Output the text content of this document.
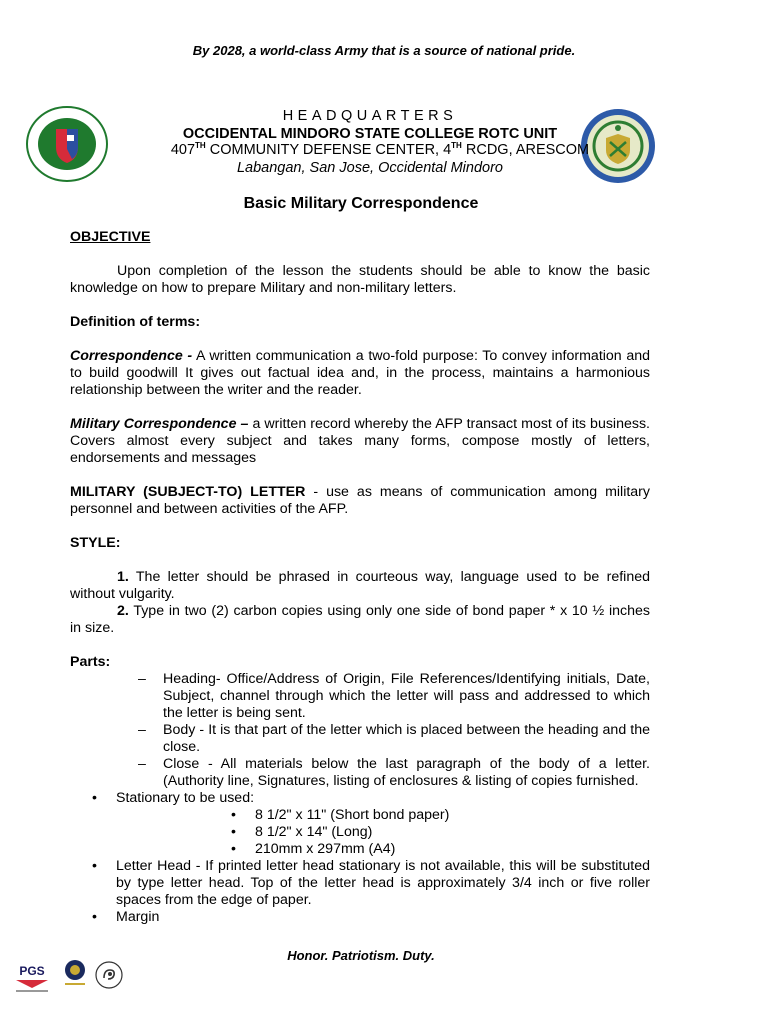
By 2028, a world-class Army that is a source of national pride.
HEADQUARTERS
OCCIDENTAL MINDORO STATE COLLEGE ROTC UNIT
407TH COMMUNITY DEFENSE CENTER, 4TH RCDG, ARESCOM
Labangan, San Jose, Occidental Mindoro
Basic Military Correspondence

OBJECTIVE

Upon completion of the lesson the students should be able to know the basic knowledge on how to prepare Military and non-military letters.

Definition of terms:

Correspondence - A written communication a two-fold purpose: To convey information and to build goodwill It gives out factual idea and, in the process, maintains a harmonious relationship between the writer and the reader.

Military Correspondence – a written record whereby the AFP transact most of its business. Covers almost every subject and takes many forms, compose mostly of letters, endorsements and messages

MILITARY (SUBJECT-TO) LETTER - use as means of communication among military personnel and between activities of the AFP.

STYLE:

1. The letter should be phrased in courteous way, language used to be refined without vulgarity.

2. Type in two (2) carbon copies using only one side of bond paper * x 10 ½ inches in size.

Parts:

– Heading- Office/Address of Origin, File References/Identifying initials, Date, Subject, channel through which the letter will pass and addressed to which the letter is being sent.
– Body - It is that part of the letter which is placed between the heading and the close.
– Close - All materials below the last paragraph of the body of a letter. (Authority line, Signatures, listing of enclosures & listing of copies furnished.
• Stationary to be used:
• 8 1/2" x 11" (Short bond paper)
• 8 1/2" x 14" (Long)
• 210mm x 297mm (A4)
• Letter Head - If printed letter head stationary is not available, this will be substituted by type letter head. Top of the letter head is approximately 3/4 inch or five roller spaces from the edge of paper.
• Margin
Honor. Patriotism. Duty.
PGS
